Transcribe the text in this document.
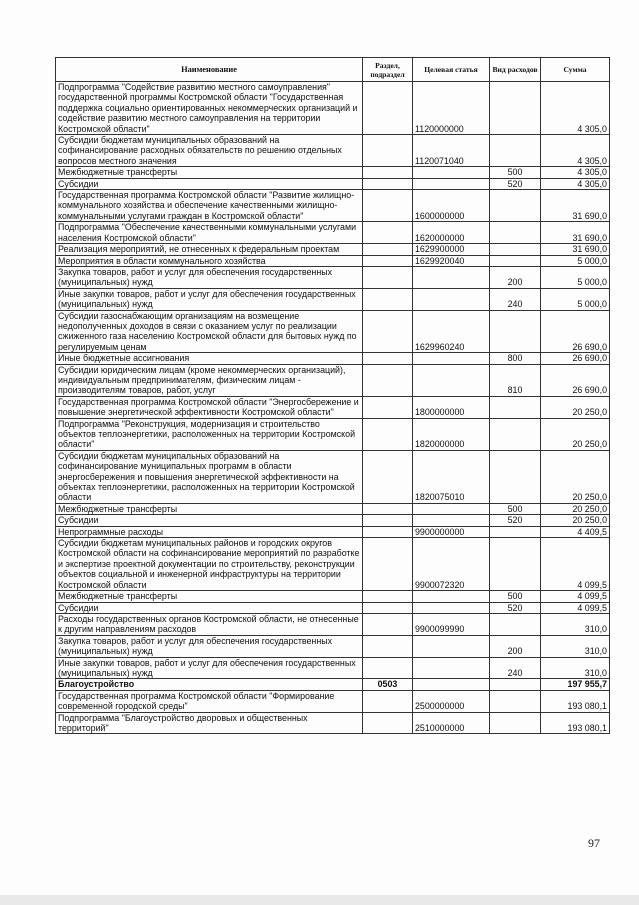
Наименование	Раздел, подраздел	Целевая статья	Вид расходов	Сумма
Подпрограмма "Содействие развитию местного самоуправления" государственной программы Костромской области "Государственная поддержка социально ориентированных некоммерческих организаций и содействие развитию местного самоуправления на территории Костромской области"		1120000000		4 305,0
Субсидии бюджетам муниципальных образований на софинансирование расходных обязательств по решению отдельных вопросов местного значения		1120071040		4 305,0
Межбюджетные трансферты			500	4 305,0
Субсидии			520	4 305,0
Государственная программа Костромской области "Развитие жилищно-коммунального хозяйства и обеспечение качественными жилищно-коммунальными услугами граждан в Костромской области"		1600000000		31 690,0
Подпрограмма "Обеспечение качественными коммунальными услугами населения Костромской области"		1620000000		31 690,0
Реализация мероприятий, не отнесенных к федеральным проектам		1629900000		31 690,0
Мероприятия в области коммунального хозяйства		1629920040		5 000,0
Закупка товаров, работ и услуг для обеспечения государственных (муниципальных) нужд			200	5 000,0
Иные закупки товаров, работ и услуг для обеспечения государственных (муниципальных) нужд			240	5 000,0
Субсидии газоснабжающим организациям на возмещение недополученных доходов в связи с оказанием услуг по реализации сжиженного газа населению Костромской области для бытовых нужд по регулируемым ценам		1629960240		26 690,0
Иные бюджетные ассигнования			800	26 690,0
Субсидии юридическим лицам (кроме некоммерческих организаций), индивидуальным предпринимателям, физическим лицам - производителям товаров, работ, услуг			810	26 690,0
Государственная программа Костромской области "Энергосбережение и повышение энергетической эффективности Костромской области"		1800000000		20 250,0
Подпрограмма "Реконструкция, модернизация и строительство объектов теплоэнергетики, расположенных на территории Костромской области"		1820000000		20 250,0
Субсидии бюджетам муниципальных образований на софинансирование муниципальных программ в области энергосбережения и повышения энергетической эффективности на объектах теплоэнергетики, расположенных на территории Костромской области		1820075010		20 250,0
Межбюджетные трансферты			500	20 250,0
Субсидии			520	20 250,0
Непрограммные расходы		9900000000		4 409,5
Субсидии бюджетам муниципальных районов и городских округов Костромской области на софинансирование мероприятий по разработке и экспертизе проектной документации по строительству, реконструкции объектов социальной и инженерной инфраструктуры на территории Костромской области		9900072320		4 099,5
Межбюджетные трансферты			500	4 099,5
Субсидии			520	4 099,5
Расходы государственных органов Костромской области, не отнесенные к другим направлениям расходов		9900099990		310,0
Закупка товаров, работ и услуг для обеспечения государственных (муниципальных) нужд			200	310,0
Иные закупки товаров, работ и услуг для обеспечения государственных (муниципальных) нужд			240	310,0
Благоустройство	0503			197 955,7
Государственная программа Костромской области "Формирование современной городской среды"		2500000000		193 080,1
Подпрограмма "Благоустройство дворовых и общественных территорий"		2510000000		193 080,1
97
